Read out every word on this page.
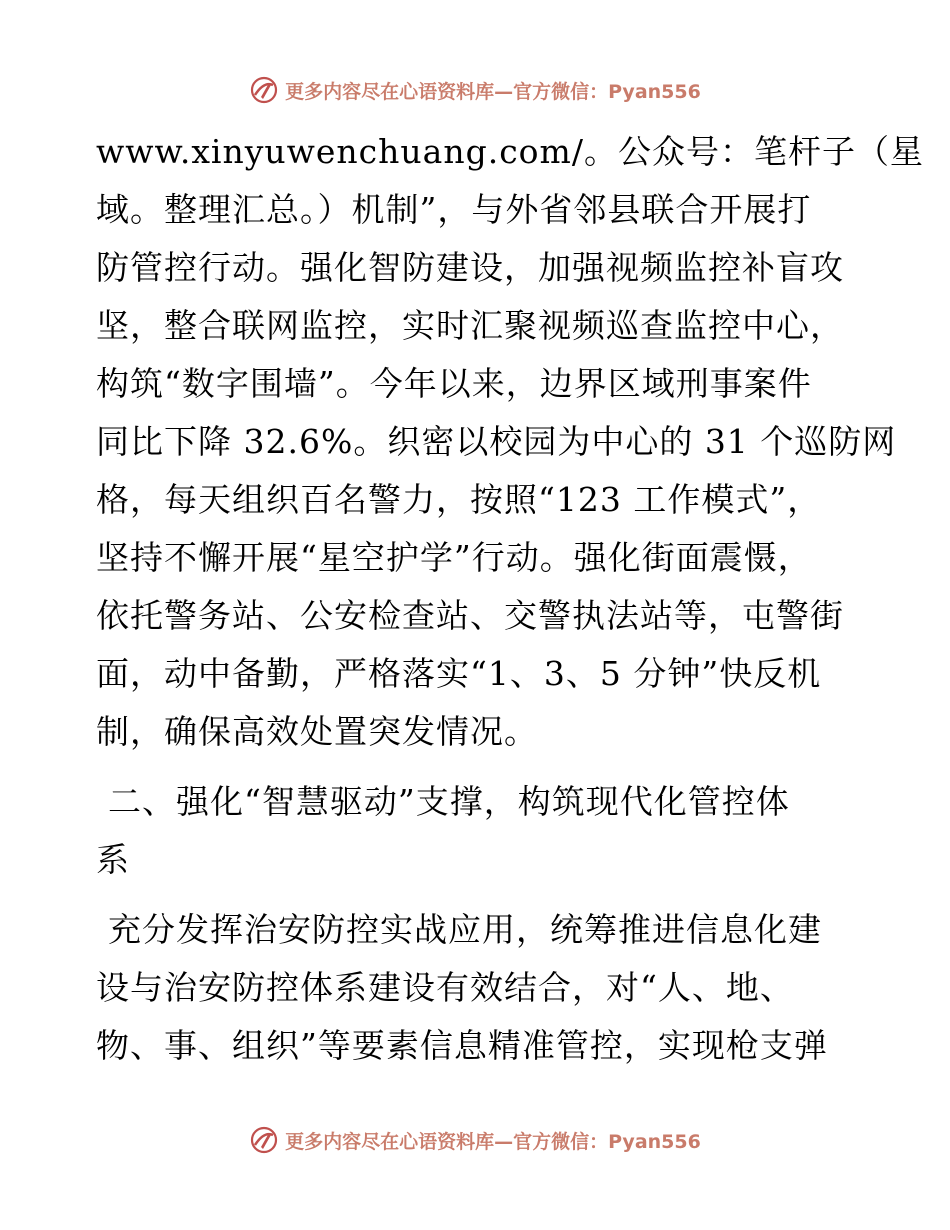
更多内容尽在心语资料库—官方微信：Pyan556

www.xinyuwenchuang.com/。公众号：笔杆子（星
域。整理汇总。）机制”，与外省邻县联合开展打
防管控行动。强化智防建设，加强视频监控补盲攻
坚，整合联网监控，实时汇聚视频巡查监控中心，
构筑“数字围墙”。今年以来，边界区域刑事案件
同比下降 32.6%。织密以校园为中心的 31 个巡防网
格，每天组织百名警力，按照“123 工作模式”，
坚持不懈开展“星空护学”行动。强化街面震慑，
依托警务站、公安检查站、交警执法站等，屯警街
面，动中备勤，严格落实“1、3、5 分钟”快反机
制，确保高效处置突发情况。

二、强化“智慧驱动”支撑，构筑现代化管控体
系

充分发挥治安防控实战应用，统筹推进信息化建
设与治安防控体系建设有效结合，对“人、地、
物、事、组织”等要素信息精准管控，实现枪支弹

更多内容尽在心语资料库—官方微信：Pyan556
